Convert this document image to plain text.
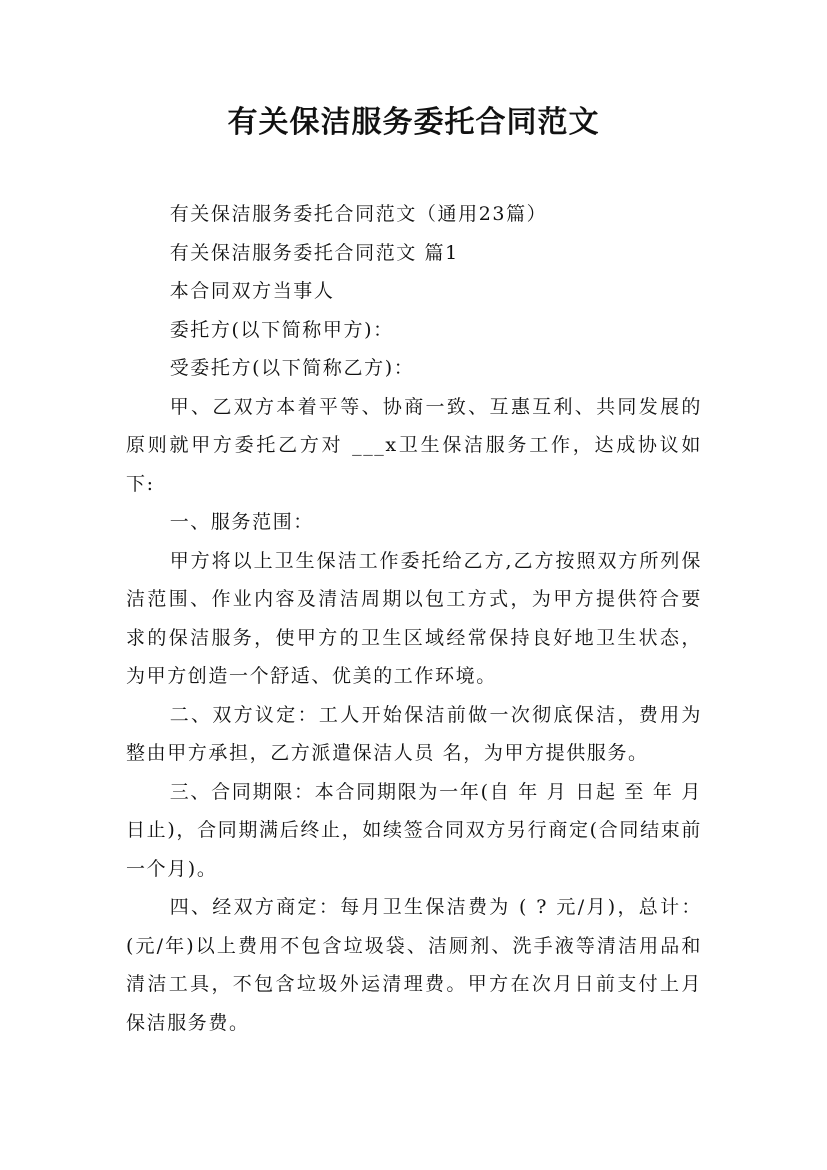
有关保洁服务委托合同范文

有关保洁服务委托合同范文（通用23篇）

有关保洁服务委托合同范文 篇1

本合同双方当事人

委托方(以下简称甲方)：

受委托方(以下简称乙方)：

甲、乙双方本着平等、协商一致、互惠互利、共同发展的原则就甲方委托乙方对 ___x卫生保洁服务工作，达成协议如下:

一、服务范围：

甲方将以上卫生保洁工作委托给乙方,乙方按照双方所列保洁范围、作业内容及清洁周期以包工方式，为甲方提供符合要求的保洁服务，使甲方的卫生区域经常保持良好地卫生状态，为甲方创造一个舒适、优美的工作环境。

二、双方议定：工人开始保洁前做一次彻底保洁，费用为 整由甲方承担，乙方派遣保洁人员 名，为甲方提供服务。

三、合同期限：本合同期限为一年(自 年 月 日起 至 年 月 日止)，合同期满后终止，如续签合同双方另行商定(合同结束前一个月)。

四、经双方商定：每月卫生保洁费为 ( ? 元/月)，总计：(元/年)以上费用不包含垃圾袋、洁厕剂、洗手液等清洁用品和清洁工具，不包含垃圾外运清理费。甲方在次月日前支付上月保洁服务费。
